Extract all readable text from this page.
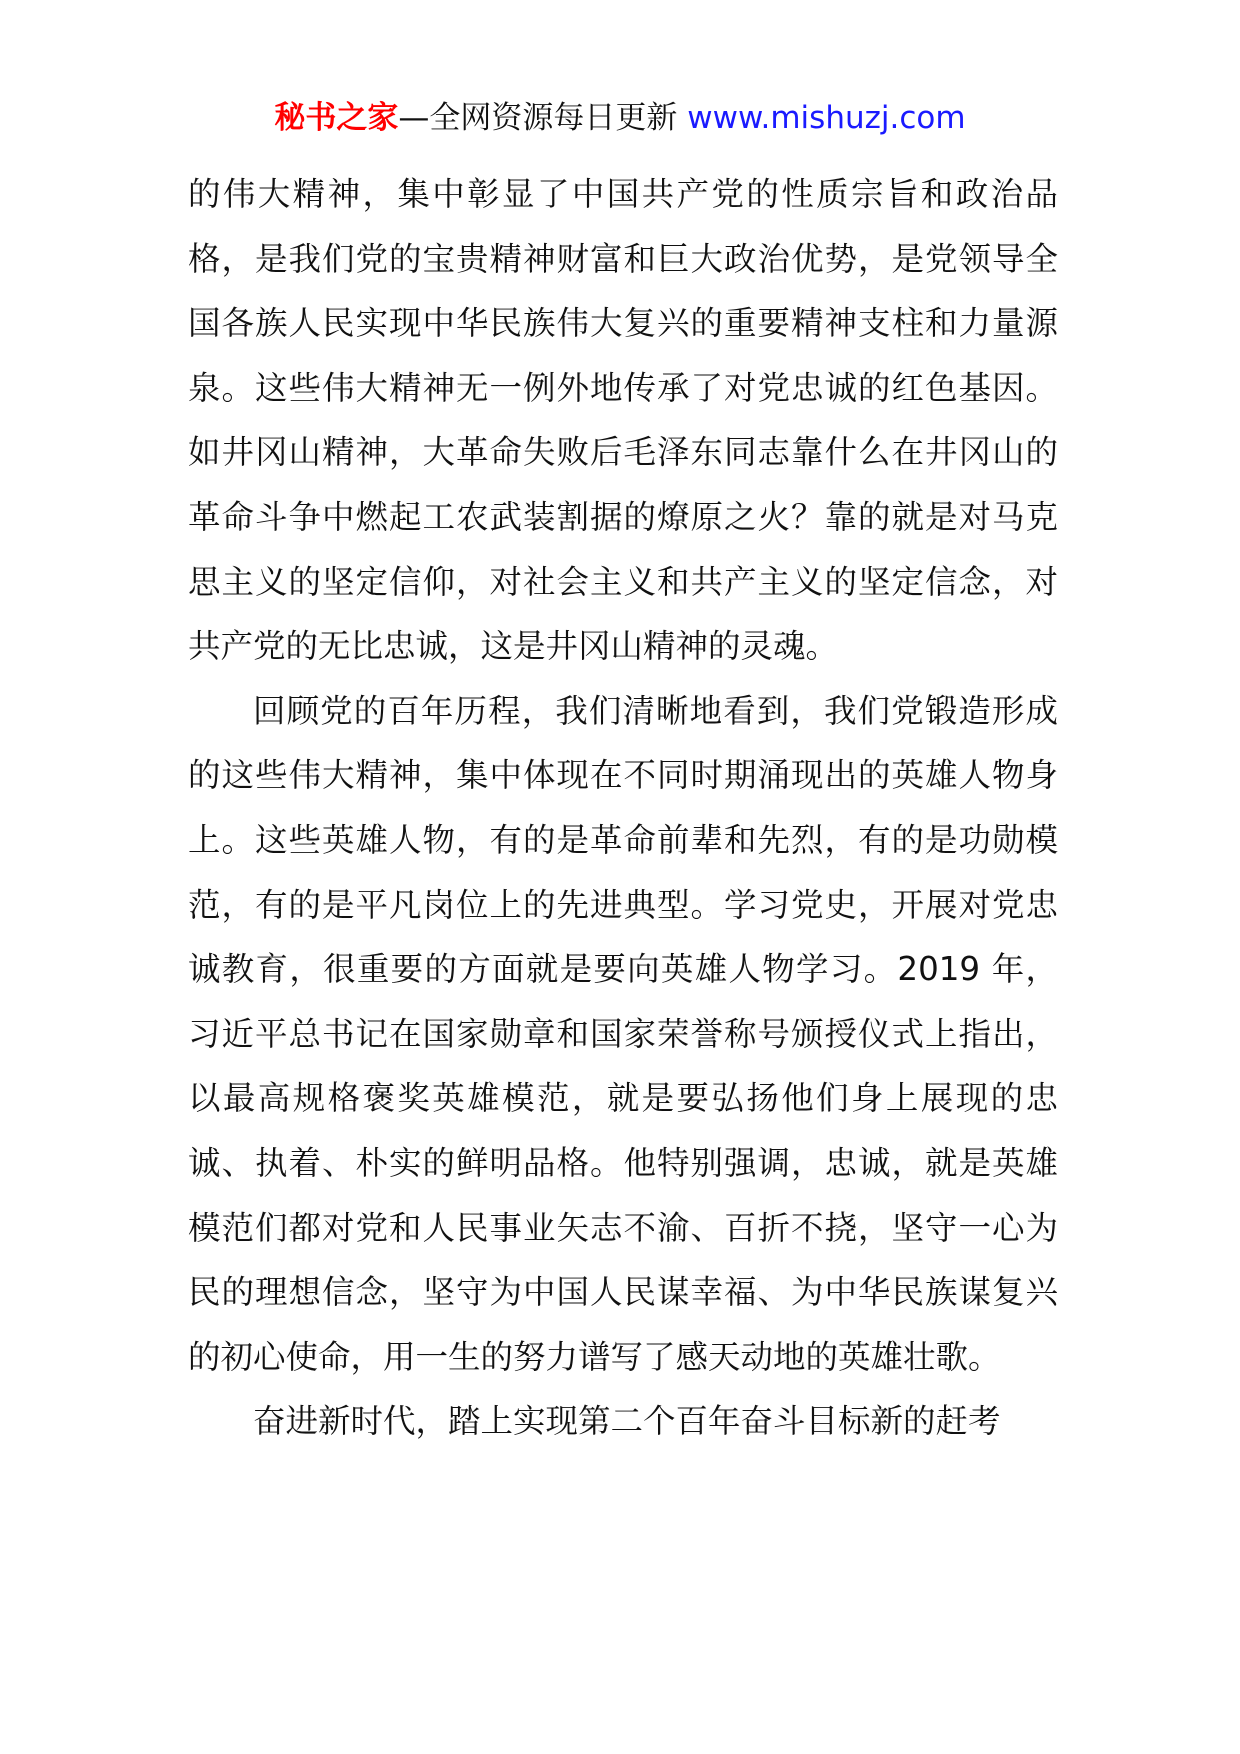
秘书之家—全网资源每日更新 www.mishuzj.com

的伟大精神，集中彰显了中国共产党的性质宗旨和政治品格，是我们党的宝贵精神财富和巨大政治优势，是党领导全国各族人民实现中华民族伟大复兴的重要精神支柱和力量源泉。这些伟大精神无一例外地传承了对党忠诚的红色基因。如井冈山精神，大革命失败后毛泽东同志靠什么在井冈山的革命斗争中燃起工农武装割据的燎原之火？靠的就是对马克思主义的坚定信仰，对社会主义和共产主义的坚定信念，对共产党的无比忠诚，这是井冈山精神的灵魂。

回顾党的百年历程，我们清晰地看到，我们党锻造形成的这些伟大精神，集中体现在不同时期涌现出的英雄人物身上。这些英雄人物，有的是革命前辈和先烈，有的是功勋模范，有的是平凡岗位上的先进典型。学习党史，开展对党忠诚教育，很重要的方面就是要向英雄人物学习。2019 年，习近平总书记在国家勋章和国家荣誉称号颁授仪式上指出，以最高规格褒奖英雄模范，就是要弘扬他们身上展现的忠诚、执着、朴实的鲜明品格。他特别强调，忠诚，就是英雄模范们都对党和人民事业矢志不渝、百折不挠，坚守一心为民的理想信念，坚守为中国人民谋幸福、为中华民族谋复兴的初心使命，用一生的努力谱写了感天动地的英雄壮歌。

奋进新时代，踏上实现第二个百年奋斗目标新的赶考
